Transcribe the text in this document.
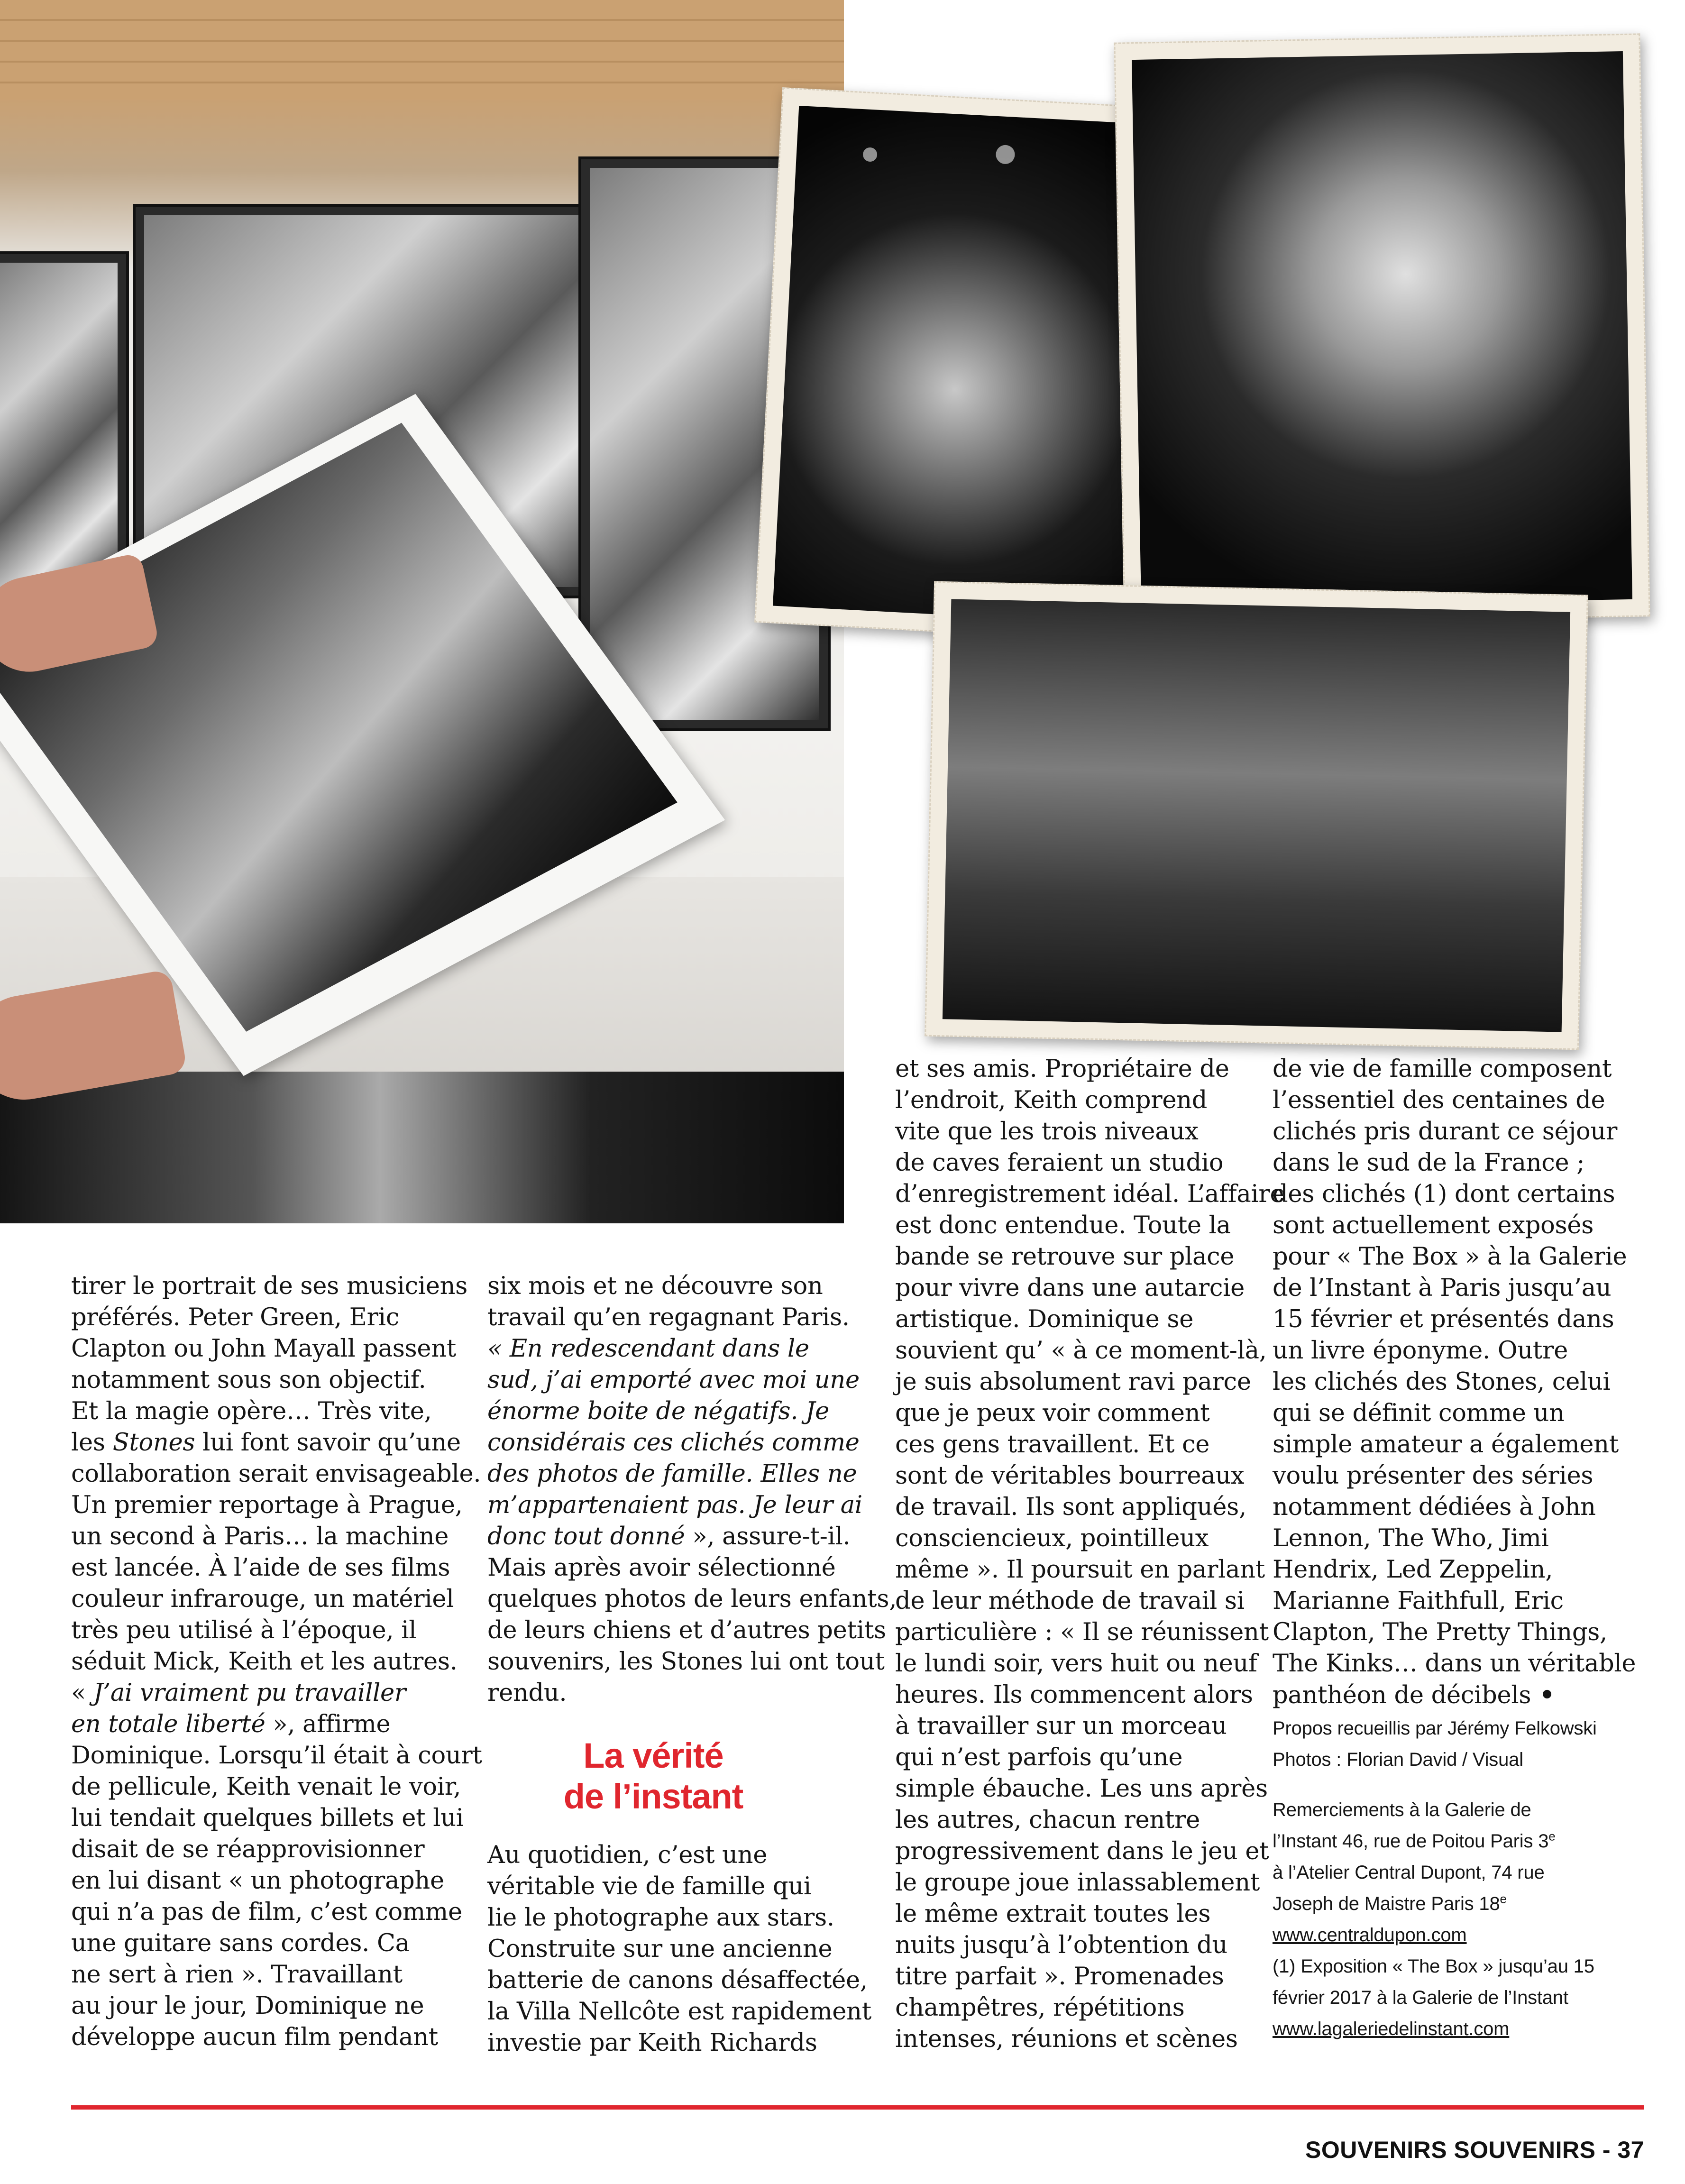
tirer le portrait de ses musiciens

préférés. Peter Green, Eric

Clapton ou John Mayall passent

notamment sous son objectif.

Et la magie opère… Très vite,

les Stones lui font savoir qu’une

collaboration serait envisageable.

Un premier reportage à Prague,

un second à Paris… la machine

est lancée. À l’aide de ses films

couleur infrarouge, un matériel

très peu utilisé à l’époque, il

séduit Mick, Keith et les autres.

« J’ai vraiment pu travailler

en totale liberté », affirme

Dominique. Lorsqu’il était à court

de pellicule, Keith venait le voir,

lui tendait quelques billets et lui

disait de se réapprovisionner

en lui disant « un photographe

qui n’a pas de film, c’est comme

une guitare sans cordes. Ca

ne sert à rien ». Travaillant

au jour le jour, Dominique ne

développe aucun film pendant

six mois et ne découvre son

travail qu’en regagnant Paris.

« En redescendant dans le

sud, j’ai emporté avec moi une

énorme boite de négatifs. Je

considérais ces clichés comme

des photos de famille. Elles ne

m’appartenaient pas. Je leur ai

donc tout donné », assure-t-il.

Mais après avoir sélectionné

quelques photos de leurs enfants,

de leurs chiens et d’autres petits

souvenirs, les Stones lui ont tout

rendu.

La vérité
de l’instant

Au quotidien, c’est une

véritable vie de famille qui

lie le photographe aux stars.

Construite sur une ancienne

batterie de canons désaffectée,

la Villa Nellcôte est rapidement

investie par Keith Richards

et ses amis. Propriétaire de

l’endroit, Keith comprend

vite que les trois niveaux

de caves feraient un studio

d’enregistrement idéal. L’affaire

est donc entendue. Toute la

bande se retrouve sur place

pour vivre dans une autarcie

artistique. Dominique se

souvient qu’ « à ce moment-là,

je suis absolument ravi parce

que je peux voir comment

ces gens travaillent. Et ce

sont de véritables bourreaux

de travail. Ils sont appliqués,

consciencieux, pointilleux

même ». Il poursuit en parlant

de leur méthode de travail si

particulière : « Il se réunissent

le lundi soir, vers huit ou neuf

heures. Ils commencent alors

à travailler sur un morceau

qui n’est parfois qu’une

simple ébauche. Les uns après

les autres, chacun rentre

progressivement dans le jeu et

le groupe joue inlassablement

le même extrait toutes les

nuits jusqu’à l’obtention du

titre parfait ». Promenades

champêtres, répétitions

intenses, réunions et scènes

de vie de famille composent

l’essentiel des centaines de

clichés pris durant ce séjour

dans le sud de la France ;

des clichés (1) dont certains

sont actuellement exposés

pour « The Box » à la Galerie

de l’Instant à Paris jusqu’au

15 février et présentés dans

un livre éponyme. Outre

les clichés des Stones, celui

qui se définit comme un

simple amateur a également

voulu présenter des séries

notamment dédiées à John

Lennon, The Who, Jimi

Hendrix, Led Zeppelin,

Marianne Faithfull, Eric

Clapton, The Pretty Things,

The Kinks… dans un véritable

panthéon de décibels •

Propos recueillis par Jérémy Felkowski

Photos : Florian David / Visual

Remerciements à la Galerie de

l’Instant 46, rue de Poitou Paris 3e

à l’Atelier Central Dupont, 74 rue

Joseph de Maistre Paris 18e

www.centraldupon.com

(1) Exposition « The Box » jusqu’au 15

février 2017 à la Galerie de l’Instant

www.lagaleriedelinstant.com

SOUVENIRS SOUVENIRS - 37
